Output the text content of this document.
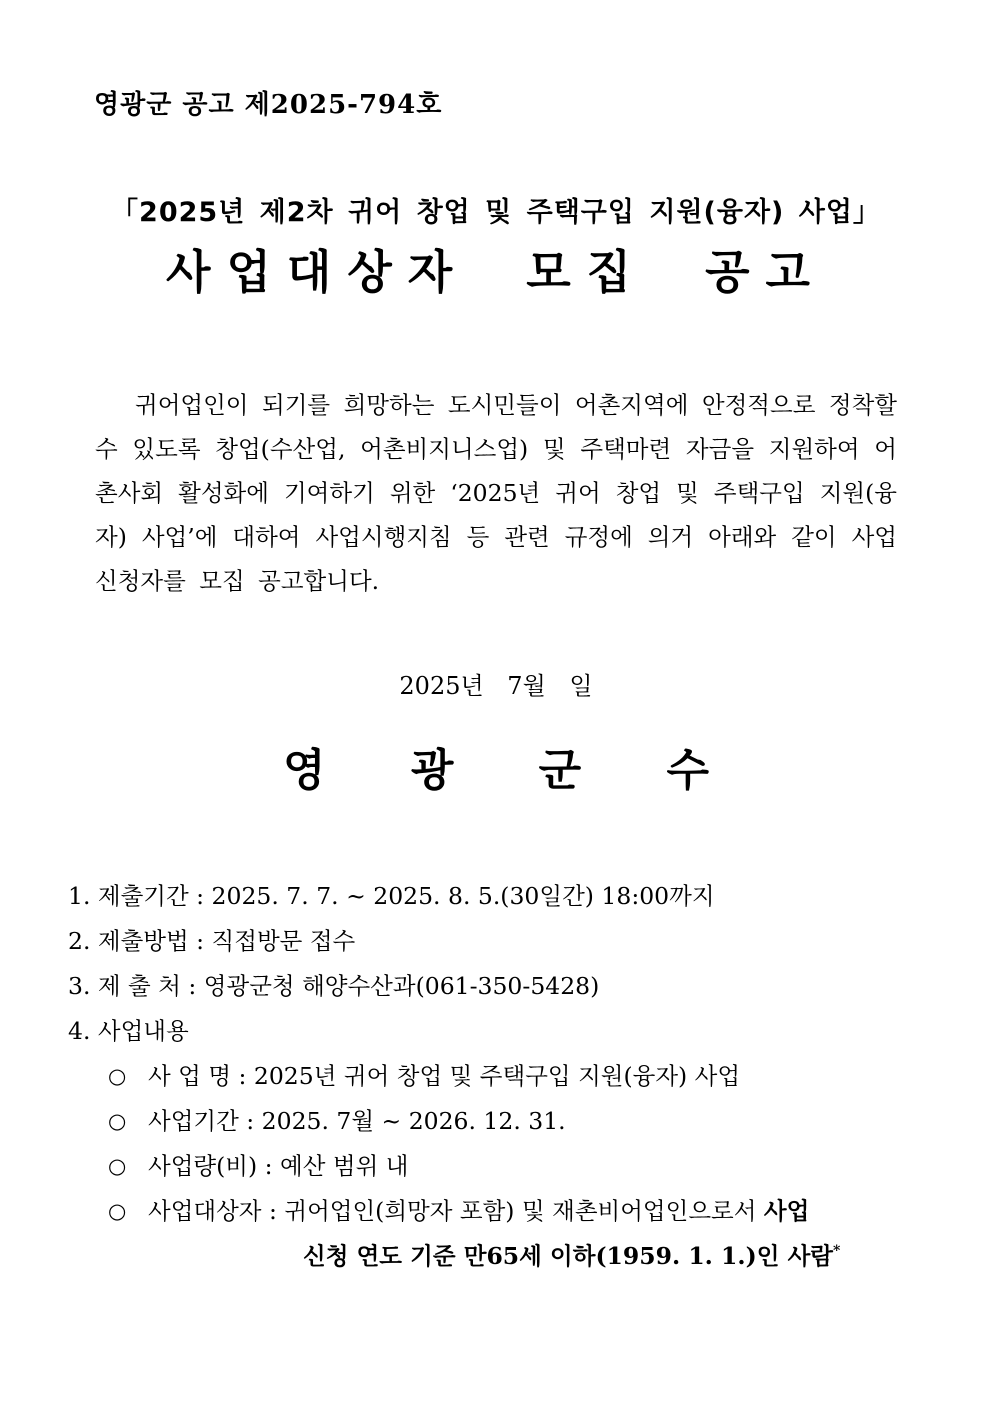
영광군 공고 제2025-794호
「2025년 제2차 귀어 창업 및 주택구입 지원(융자) 사업」
사업대상자 모집 공고

귀어업인이 되기를 희망하는 도시민들이 어촌지역에 안정적으로 정착할 수 있도록 창업(수산업, 어촌비지니스업) 및 주택마련 자금을 지원하여 어촌사회 활성화에 기여하기 위한 ‘2025년 귀어 창업 및 주택구입 지원(융자) 사업’에 대하여 사업시행지침 등 관련 규정에 의거 아래와 같이 사업신청자를 모집 공고합니다.

2025년 7월 일
영 광 군 수
1. 제출기간 : 2025. 7. 7. ~ 2025. 8. 5.(30일간) 18:00까지
2. 제출방법 : 직접방문 접수
3. 제 출 처 : 영광군청 해양수산과(061-350-5428)
4. 사업내용
○ 사 업 명 : 2025년 귀어 창업 및 주택구입 지원(융자) 사업
○ 사업기간 : 2025. 7월 ~ 2026. 12. 31.
○ 사업량(비) : 예산 범위 내
○ 사업대상자 : 귀어업인(희망자 포함) 및 재촌비어업인으로서 사업
신청 연도 기준 만65세 이하(1959. 1. 1.)인 사람*
